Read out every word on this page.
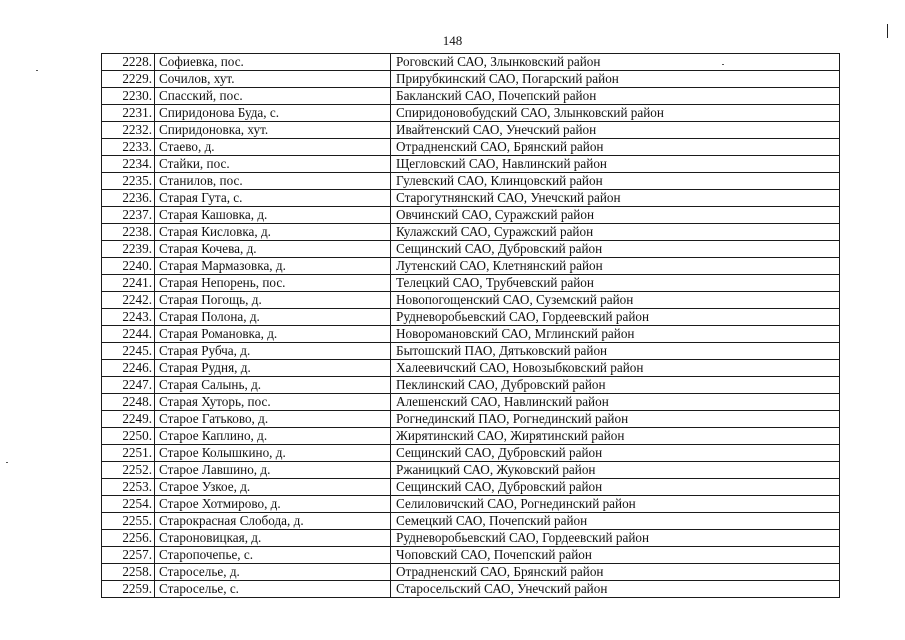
148
2228.	Софиевка, пос.	Роговский САО, Злынковский район
2229.	Сочилов, хут.	Прирубкинский САО, Погарский район
2230.	Спасский, пос.	Бакланский САО, Почепский район
2231.	Спиридонова Буда, с.	Спиридоновобудский САО, Злынковский район
2232.	Спиридоновка, хут.	Ивайтенский САО, Унечский район
2233.	Стаево, д.	Отрадненский САО, Брянский район
2234.	Стайки, пос.	Щегловский САО, Навлинский район
2235.	Станилов, пос.	Гулевский САО, Клинцовский район
2236.	Старая Гута, с.	Старогутнянский САО, Унечский район
2237.	Старая Кашовка, д.	Овчинский САО, Суражский район
2238.	Старая Кисловка, д.	Кулажский САО, Суражский район
2239.	Старая Кочева, д.	Сещинский САО, Дубровский район
2240.	Старая Мармазовка, д.	Лутенский САО, Клетнянский район
2241.	Старая Непорень, пос.	Телецкий САО, Трубчевский район
2242.	Старая Погощь, д.	Новопогощенский САО, Суземский район
2243.	Старая Полона, д.	Рудневоробьевский САО, Гордеевский район
2244.	Старая Романовка, д.	Новоромановский САО, Мглинский район
2245.	Старая Рубча, д.	Бытошский ПАО, Дятьковский район
2246.	Старая Рудня, д.	Халеевичский САО, Новозыбковский район
2247.	Старая Салынь, д.	Пеклинский САО, Дубровский район
2248.	Старая Хуторь, пос.	Алешенский САО, Навлинский район
2249.	Старое Гатьково, д.	Рогнединский ПАО, Рогнединский район
2250.	Старое Каплино, д.	Жирятинский САО, Жирятинский район
2251.	Старое Колышкино, д.	Сещинский САО, Дубровский район
2252.	Старое Лавшино, д.	Ржаницкий САО, Жуковский район
2253.	Старое Узкое, д.	Сещинский САО, Дубровский район
2254.	Старое Хотмирово, д.	Селиловичский САО, Рогнединский район
2255.	Старокрасная Слобода, д.	Семецкий САО, Почепский район
2256.	Староновицкая, д.	Рудневоробьевский САО, Гордеевский район
2257.	Старопочепье, с.	Чоповский САО, Почепский район
2258.	Староселье, д.	Отрадненский САО, Брянский район
2259.	Староселье, с.	Старосельский САО, Унечский район
